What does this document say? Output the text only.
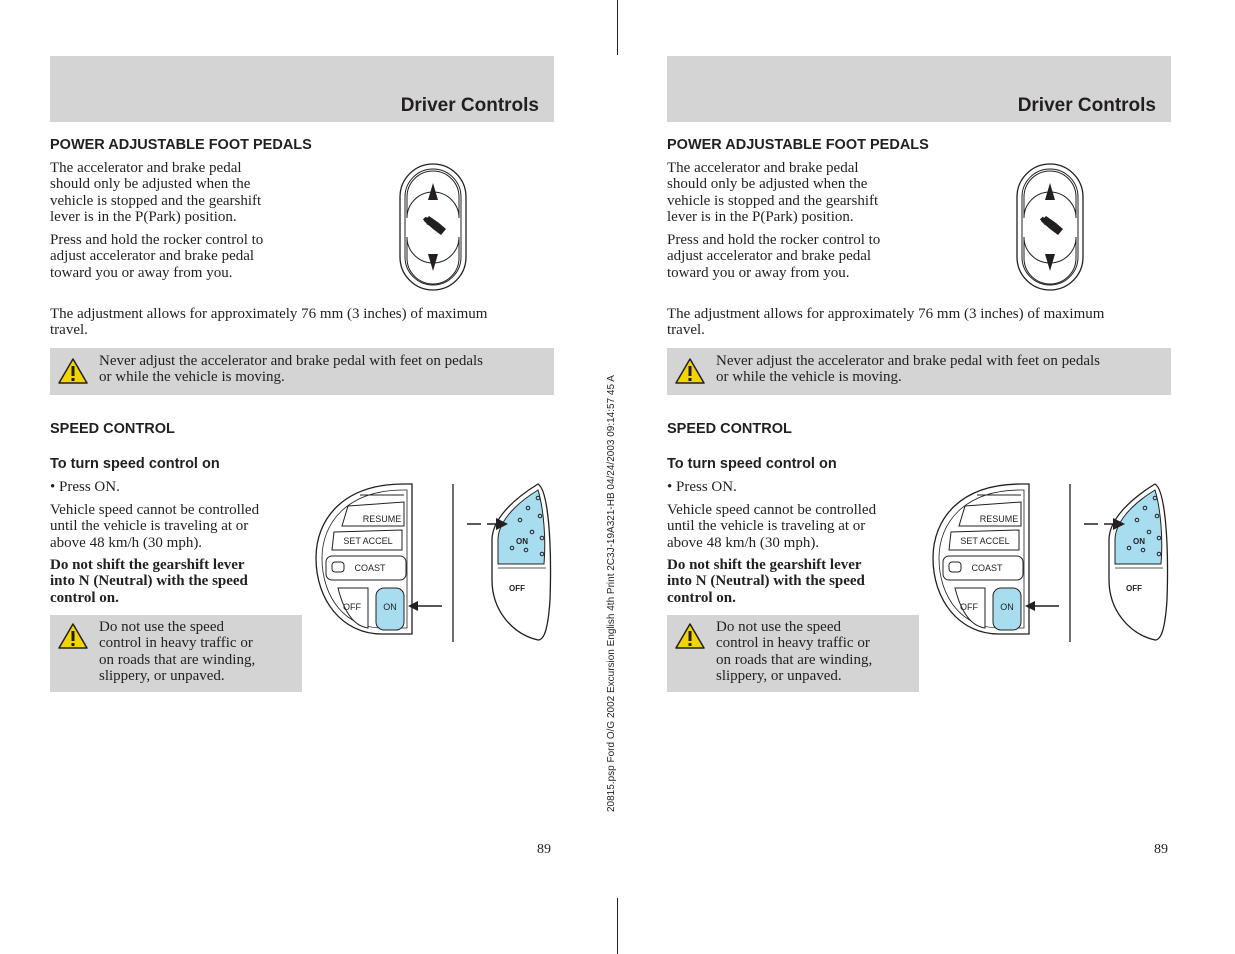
20815.psp Ford O/G 2002 Excursion English 4th Print 2C3J-19A321-HB 04/24/2003 09:14:57 45 A
Driver Controls
POWER ADJUSTABLE FOOT PEDALS
The accelerator and brake pedal
should only be adjusted when the
vehicle is stopped and the gearshift
lever is in the P(Park) position.
Press and hold the rocker control to
adjust accelerator and brake pedal
toward you or away from you.
The adjustment allows for approximately 76 mm (3 inches) of maximum
travel.
Never adjust the accelerator and brake pedal with feet on pedals
or while the vehicle is moving.
SPEED CONTROL
To turn speed control on
• Press ON.
Vehicle speed cannot be controlled
until the vehicle is traveling at or
above 48 km/h (30 mph).
Do not shift the gearshift lever
into N (Neutral) with the speed
control on.
Do not use the speed
control in heavy traffic or
on roads that are winding,
slippery, or unpaved.
RESUME
SET ACCEL
COAST
OFF ON
ON
OFF
89
Driver Controls
POWER ADJUSTABLE FOOT PEDALS
The accelerator and brake pedal
should only be adjusted when the
vehicle is stopped and the gearshift
lever is in the P(Park) position.
Press and hold the rocker control to
adjust accelerator and brake pedal
toward you or away from you.
The adjustment allows for approximately 76 mm (3 inches) of maximum
travel.
Never adjust the accelerator and brake pedal with feet on pedals
or while the vehicle is moving.
SPEED CONTROL
To turn speed control on
• Press ON.
Vehicle speed cannot be controlled
until the vehicle is traveling at or
above 48 km/h (30 mph).
Do not shift the gearshift lever
into N (Neutral) with the speed
control on.
Do not use the speed
control in heavy traffic or
on roads that are winding,
slippery, or unpaved.
RESUME
SET ACCEL
COAST
OFF ON
ON
OFF
89
